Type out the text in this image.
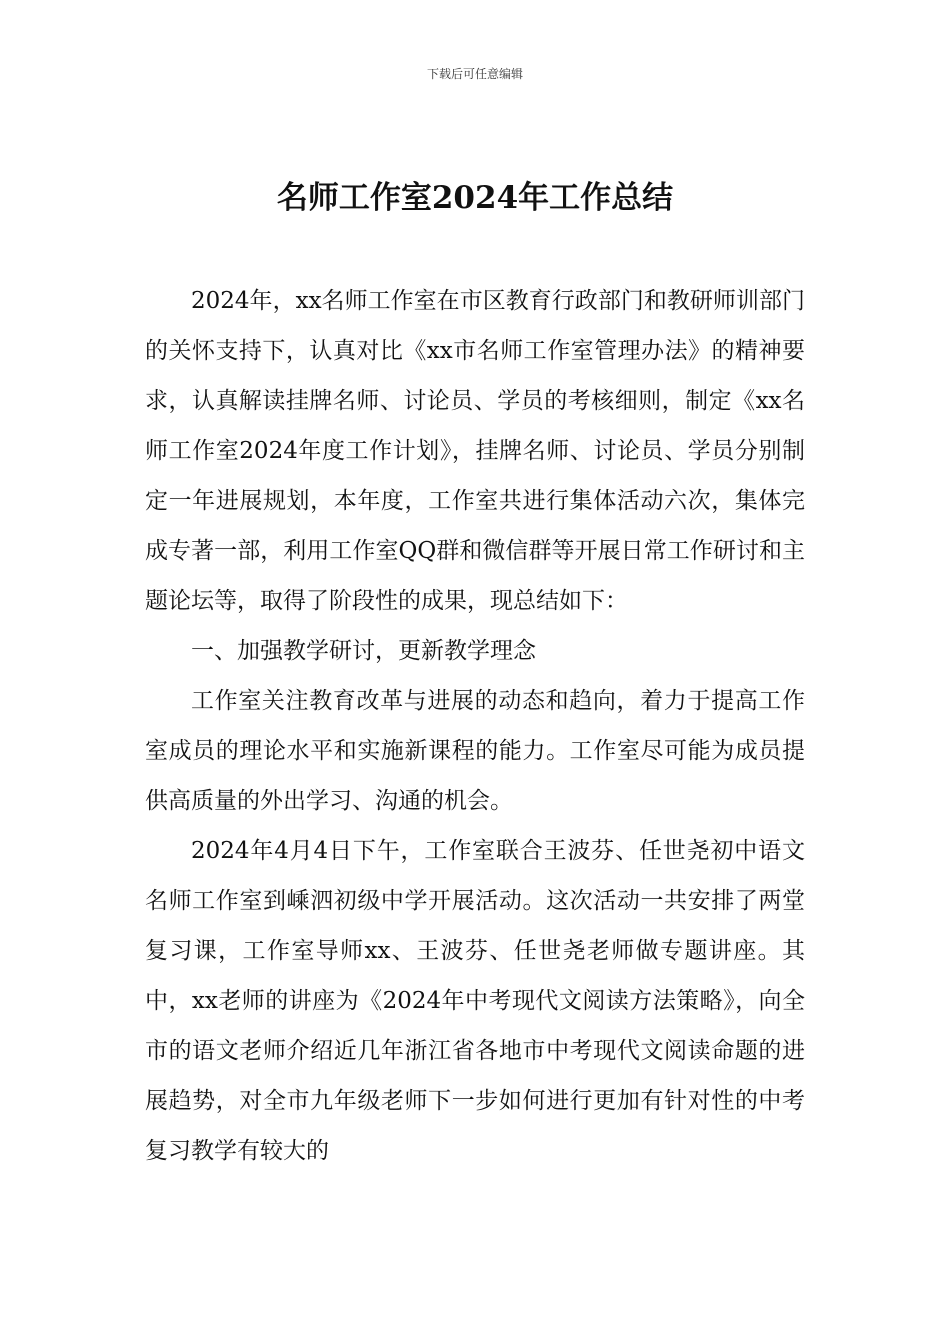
下载后可任意编辑
名师工作室2024年工作总结

2024年，xx名师工作室在市区教育行政部门和教研师训部门的关怀支持下，认真对比《xx市名师工作室管理办法》的精神要求，认真解读挂牌名师、讨论员、学员的考核细则，制定《xx名师工作室2024年度工作计划》，挂牌名师、讨论员、学员分别制定一年进展规划，本年度，工作室共进行集体活动六次，集体完成专著一部，利用工作室QQ群和微信群等开展日常工作研讨和主题论坛等，取得了阶段性的成果，现总结如下：

一、加强教学研讨，更新教学理念

工作室关注教育改革与进展的动态和趋向，着力于提高工作室成员的理论水平和实施新课程的能力。工作室尽可能为成员提供高质量的外出学习、沟通的机会。

2024年4月4日下午，工作室联合王波芬、任世尧初中语文名师工作室到嵊泗初级中学开展活动。这次活动一共安排了两堂复习课，工作室导师xx、王波芬、任世尧老师做专题讲座。其中，xx老师的讲座为《2024年中考现代文阅读方法策略》，向全市的语文老师介绍近几年浙江省各地市中考现代文阅读命题的进展趋势，对全市九年级老师下一步如何进行更加有针对性的中考复习教学有较大的
